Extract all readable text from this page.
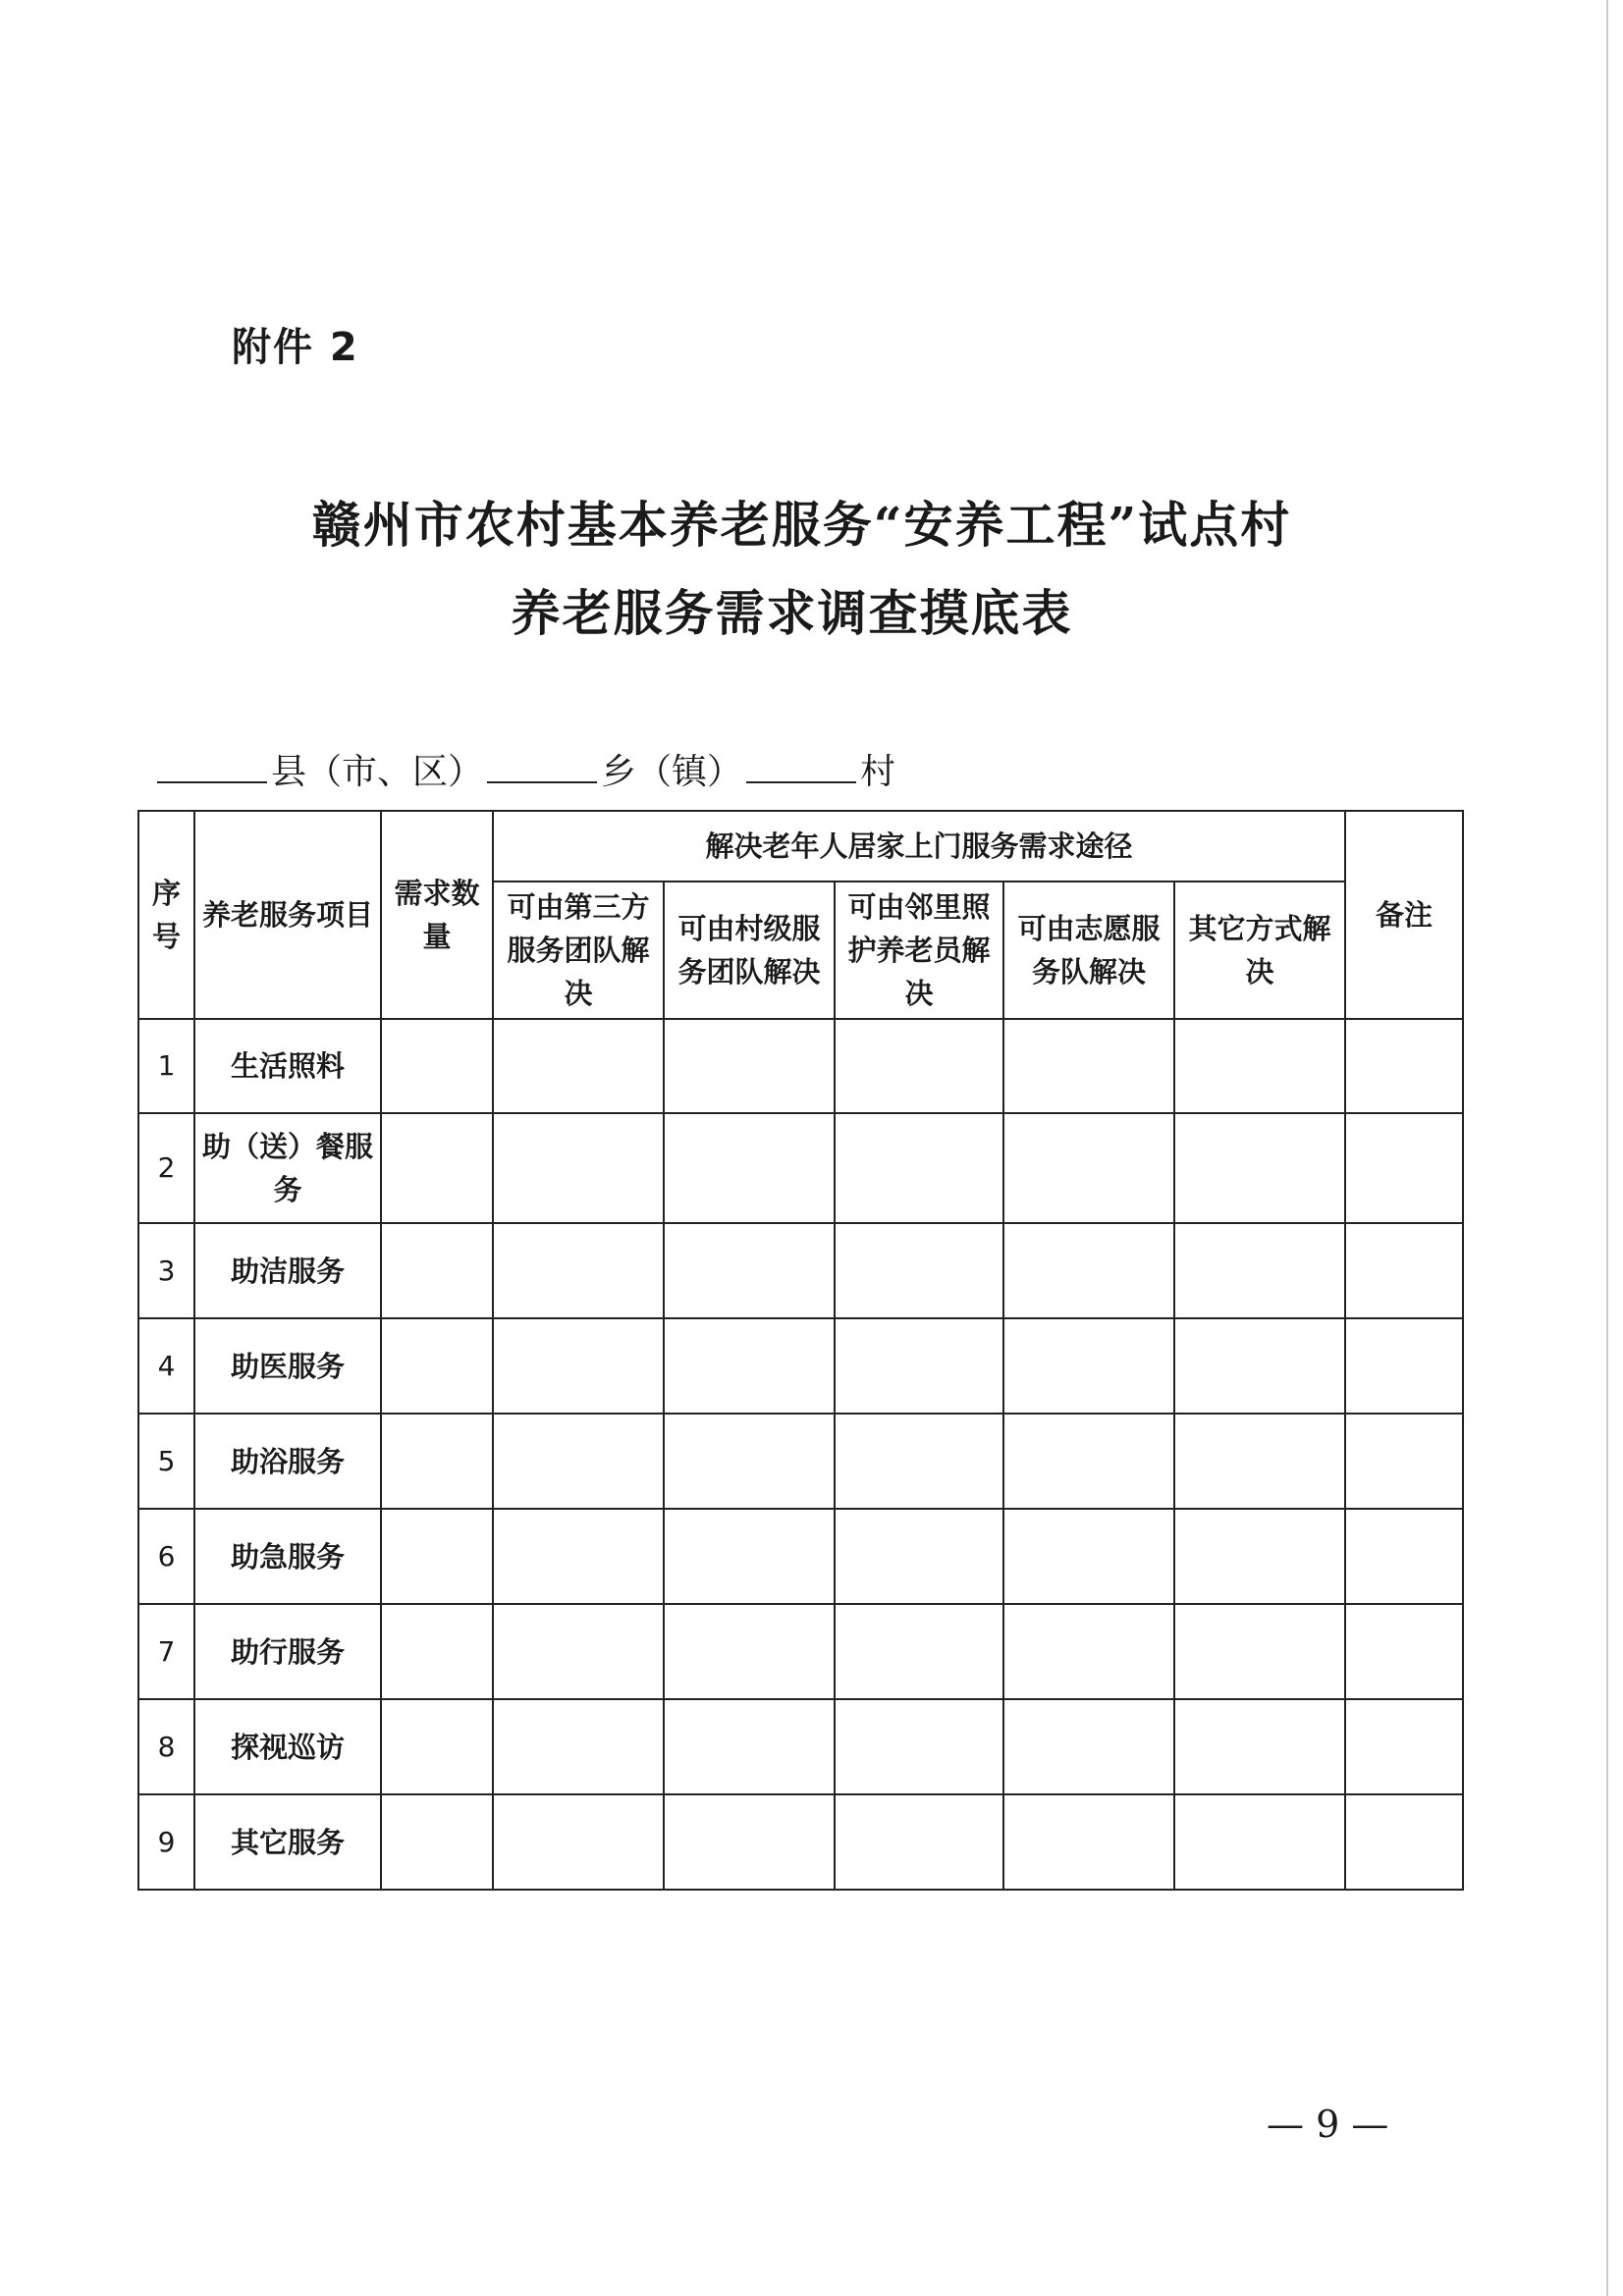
附件 2
赣州市农村基本养老服务“安养工程”试点村
养老服务需求调查摸底表
县（市、区）	乡（镇）	村
序号	养老服务项目	需求数量	解决老年人居家上门服务需求途径					备注
			可由第三方服务团队解决	可由村级服务团队解决	可由邻里照护养老员解决	可由志愿服务队解决	其它方式解决	
1	生活照料							
2	助（送）餐服务							
3	助洁服务							
4	助医服务							
5	助浴服务							
6	助急服务							
7	助行服务							
8	探视巡访							
9	其它服务							
— 9 —
